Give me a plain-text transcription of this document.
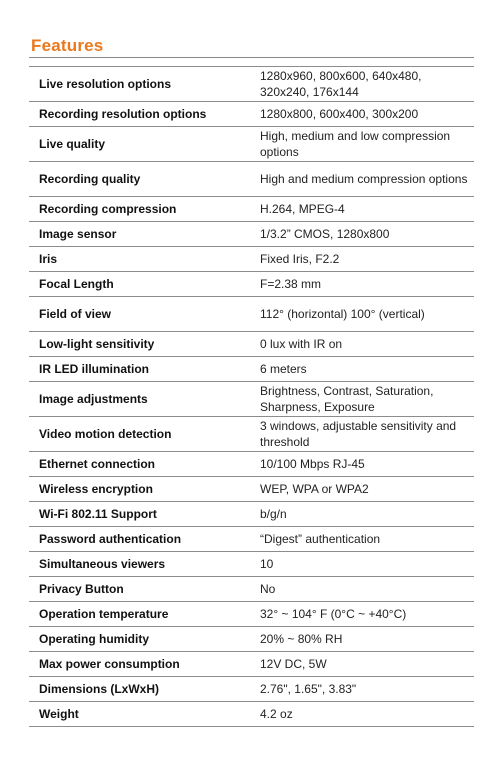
Features
Live resolution options	1280x960, 800x600, 640x480, 320x240, 176x144
Recording resolution options	1280x800, 600x400, 300x200
Live quality	High, medium and low compression options
Recording quality	High and medium compression options
Recording compression	H.264, MPEG-4
Image sensor	1/3.2” CMOS, 1280x800
Iris	Fixed Iris, F2.2
Focal Length	F=2.38 mm
Field of view	112° (horizontal) 100° (vertical)
Low-light sensitivity	0 lux with IR on
IR LED illumination	6 meters
Image adjustments	Brightness, Contrast, Saturation, Sharpness, Exposure
Video motion detection	3 windows, adjustable sensitivity and threshold
Ethernet connection	10/100 Mbps RJ-45
Wireless encryption	WEP, WPA or WPA2
Wi-Fi 802.11 Support	b/g/n
Password authentication	“Digest” authentication
Simultaneous viewers	10
Privacy Button	No
Operation temperature	32° ~ 104° F (0°C ~ +40°C)
Operating humidity	20% ~ 80% RH
Max power consumption	12V DC, 5W
Dimensions (LxWxH)	2.76", 1.65", 3.83"
Weight	4.2 oz
